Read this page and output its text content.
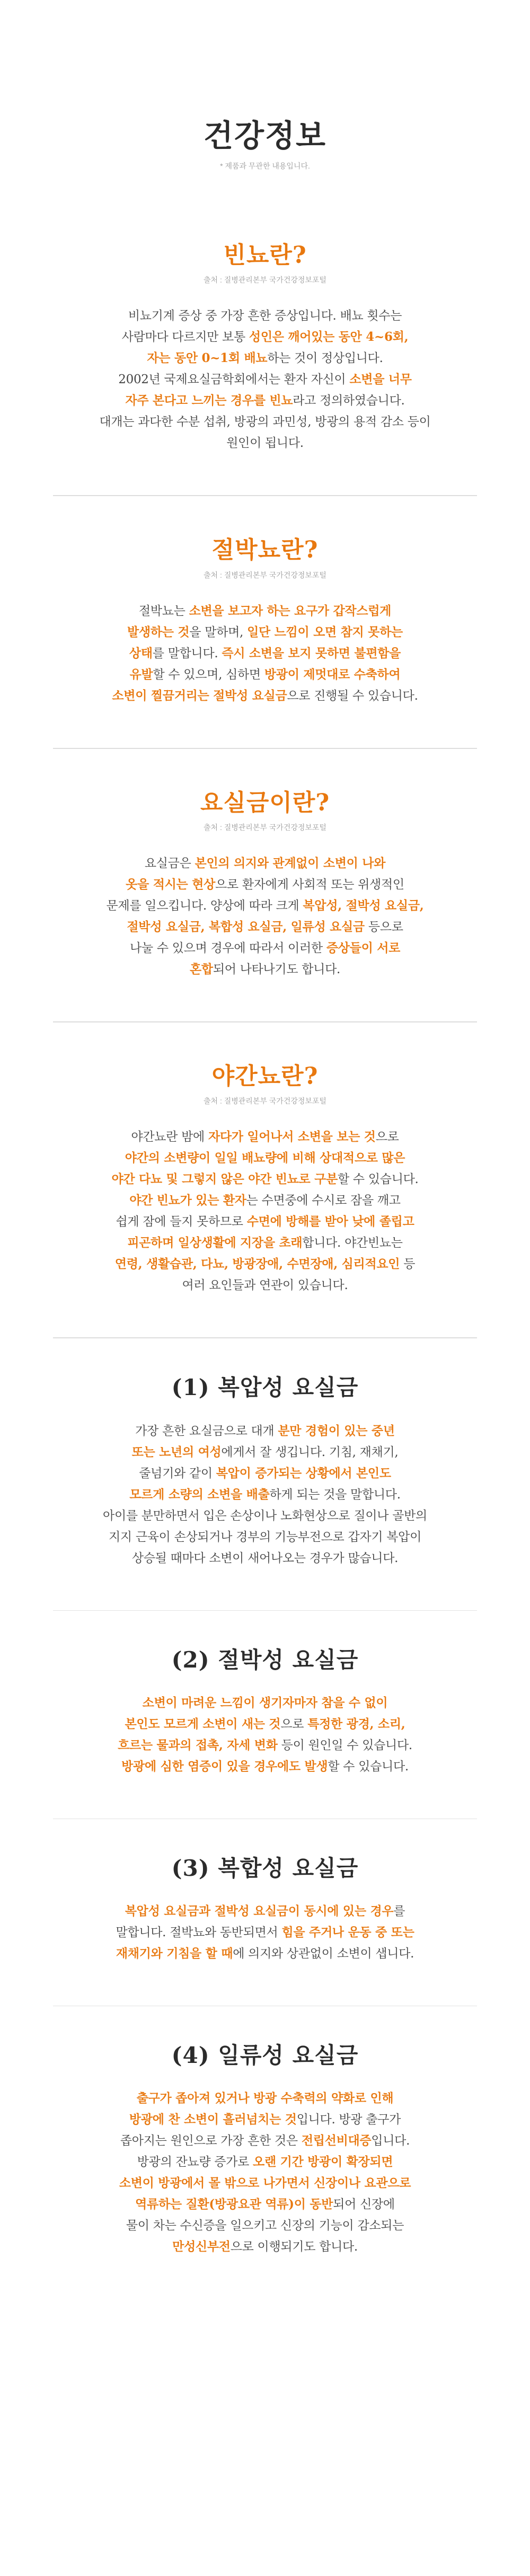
건강정보
* 제품과 무관한 내용입니다.
빈뇨란?
출처 : 질병관리본부 국가건강정보포털

비뇨기계 증상 중 가장 흔한 증상입니다. 배뇨 횟수는

사람마다 다르지만 보통 성인은 깨어있는 동안 4~6회,

자는 동안 0~1회 배뇨하는 것이 정상입니다.

2002년 국제요실금학회에서는 환자 자신이 소변을 너무

자주 본다고 느끼는 경우를 빈뇨라고 정의하였습니다.

대개는 과다한 수분 섭취, 방광의 과민성, 방광의 용적 감소 등이

원인이 됩니다.

절박뇨란?
출처 : 질병관리본부 국가건강정보포털

절박뇨는 소변을 보고자 하는 요구가 갑작스럽게

발생하는 것을 말하며, 일단 느낌이 오면 참지 못하는

상태를 말합니다. 즉시 소변을 보지 못하면 불편함을

유발할 수 있으며, 심하면 방광이 제멋대로 수축하여

소변이 찔끔거리는 절박성 요실금으로 진행될 수 있습니다.

요실금이란?
출처 : 질병관리본부 국가건강정보포털

요실금은 본인의 의지와 관계없이 소변이 나와

옷을 적시는 현상으로 환자에게 사회적 또는 위생적인

문제를 일으킵니다. 양상에 따라 크게 복압성, 절박성 요실금,

절박성 요실금, 복합성 요실금, 일류성 요실금 등으로

나눌 수 있으며 경우에 따라서 이러한 증상들이 서로

혼합되어 나타나기도 합니다.

야간뇨란?
출처 : 질병관리본부 국가건강정보포털

야간뇨란 밤에 자다가 일어나서 소변을 보는 것으로

야간의 소변량이 일일 배뇨량에 비해 상대적으로 많은

야간 다뇨 및 그렇지 않은 야간 빈뇨로 구분할 수 있습니다.

야간 빈뇨가 있는 환자는 수면중에 수시로 잠을 깨고

쉽게 잠에 들지 못하므로 수면에 방해를 받아 낮에 졸립고

피곤하며 일상생활에 지장을 초래합니다. 야간빈뇨는

연령, 생활습관, 다뇨, 방광장애, 수면장애, 심리적요인 등

여러 요인들과 연관이 있습니다.

(1) 복압성 요실금

가장 흔한 요실금으로 대개 분만 경험이 있는 중년

또는 노년의 여성에게서 잘 생깁니다. 기침, 재채기,

줄넘기와 같이 복압이 증가되는 상황에서 본인도

모르게 소량의 소변을 배출하게 되는 것을 말합니다.

아이를 분만하면서 입은 손상이나 노화현상으로 질이나 골반의

지지 근육이 손상되거나 경부의 기능부전으로 갑자기 복압이

상승될 때마다 소변이 새어나오는 경우가 많습니다.

(2) 절박성 요실금

소변이 마려운 느낌이 생기자마자 참을 수 없이

본인도 모르게 소변이 새는 것으로 특정한 광경, 소리,

흐르는 물과의 접촉, 자세 변화 등이 원인일 수 있습니다.

방광에 심한 염증이 있을 경우에도 발생할 수 있습니다.

(3) 복합성 요실금

복압성 요실금과 절박성 요실금이 동시에 있는 경우를

말합니다. 절박뇨와 동반되면서 힘을 주거나 운동 중 또는

재채기와 기침을 할 때에 의지와 상관없이 소변이 샙니다.

(4) 일류성 요실금

출구가 좁아져 있거나 방광 수축력의 약화로 인해

방광에 찬 소변이 흘러넘치는 것입니다. 방광 출구가

좁아지는 원인으로 가장 흔한 것은 전립선비대증입니다.

방광의 잔뇨량 증가로 오랜 기간 방광이 확장되면

소변이 방광에서 몰 밖으로 나가면서 신장이나 요관으로

역류하는 질환(방광요관 역류)이 동반되어 신장에

물이 차는 수신증을 일으키고 신장의 기능이 감소되는

만성신부전으로 이행되기도 합니다.
